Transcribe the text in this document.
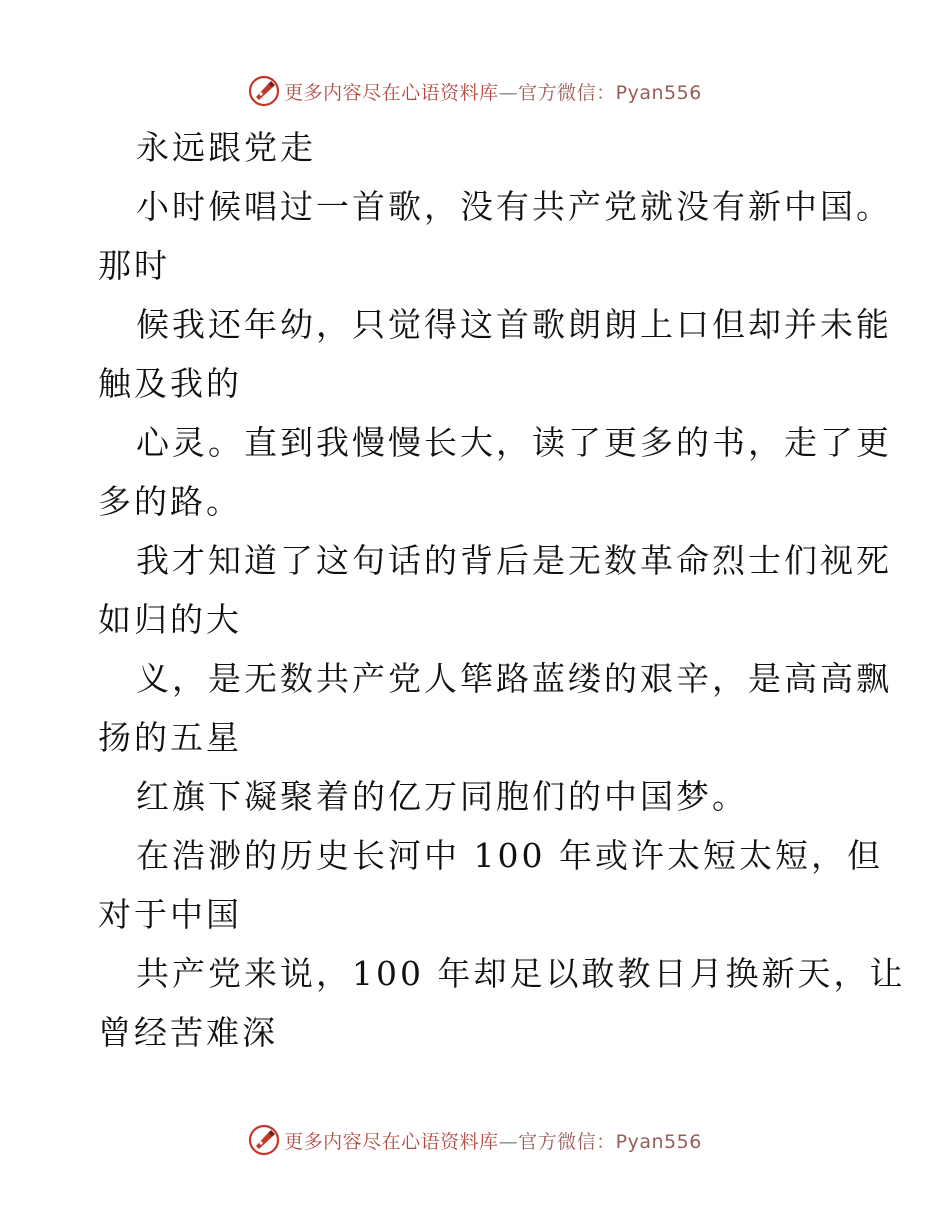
更多内容尽在心语资料库—官方微信：Pyan556
永远跟党走
小时候唱过一首歌，没有共产党就没有新中国。
那时
候我还年幼，只觉得这首歌朗朗上口但却并未能
触及我的
心灵。直到我慢慢长大，读了更多的书，走了更
多的路。
我才知道了这句话的背后是无数革命烈士们视死
如归的大
义，是无数共产党人筚路蓝缕的艰辛，是高高飘
扬的五星
红旗下凝聚着的亿万同胞们的中国梦。
在浩渺的历史长河中 100 年或许太短太短，但
对于中国
共产党来说，100 年却足以敢教日月换新天，让
曾经苦难深
更多内容尽在心语资料库—官方微信：Pyan556
